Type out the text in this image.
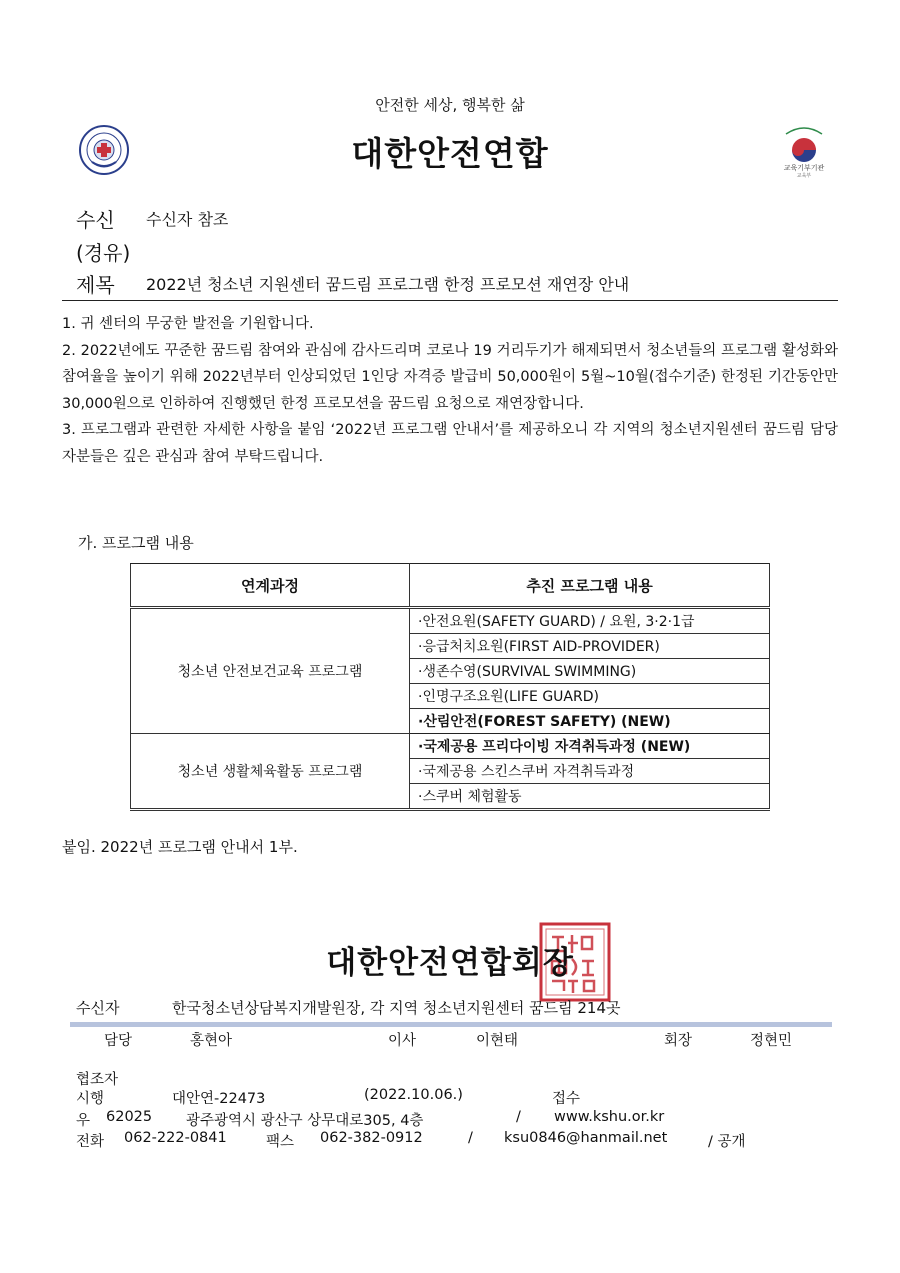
안전한 세상, 행복한 삶
대한안전연합	교육기부기관
교육부
수신 수신자 참조
(경유)
제목 2022년 청소년 지원센터 꿈드림 프로그램 한정 프로모션 재연장 안내

1. 귀 센터의 무궁한 발전을 기원합니다.

2. 2022년에도 꾸준한 꿈드림 참여와 관심에 감사드리며 코로나 19 거리두기가 해제되면서 청소년들의 프로그램 활성화와 참여율을 높이기 위해 2022년부터 인상되었던 1인당 자격증 발급비 50,000원이 5월~10월(접수기준) 한정된 기간동안만 30,000원으로 인하하여 진행했던 한정 프로모션을 꿈드림 요청으로 재연장합니다.

3. 프로그램과 관련한 자세한 사항을 붙임 ‘2022년 프로그램 안내서’를 제공하오니 각 지역의 청소년지원센터 꿈드림 담당자분들은 깊은 관심과 참여 부탁드립니다.

가. 프로그램 내용
연계과정	추진 프로그램 내용
청소년 안전보건교육 프로그램	·안전요원(SAFETY GUARD) / 요원, 3·2·1급
	·응급처치요원(FIRST AID-PROVIDER)
	·생존수영(SURVIVAL SWIMMING)
	·인명구조요원(LIFE GUARD)
	·산림안전(FOREST SAFETY) (NEW)
청소년 생활체육활동 프로그램	·국제공용 프리다이빙 자격취득과정 (NEW)
	·국제공용 스킨스쿠버 자격취득과정
	·스쿠버 체험활동
붙임. 2022년 프로그램 안내서 1부.
대한안전연합회장
수신자	한국청소년상담복지개발원장, 각 지역 청소년지원센터 꿈드림 214곳
담당	홍현아	이사	이현태	회장	정현민
협조자
시행	대안연-22473	(2022.10.06.)	접수
우 62025 광주광역시 광산구 상무대로305, 4층	/ www.kshu.or.kr
전화 062-222-0841	팩스 062-382-0912	/ ksu0846@hanmail.net	/ 공개
